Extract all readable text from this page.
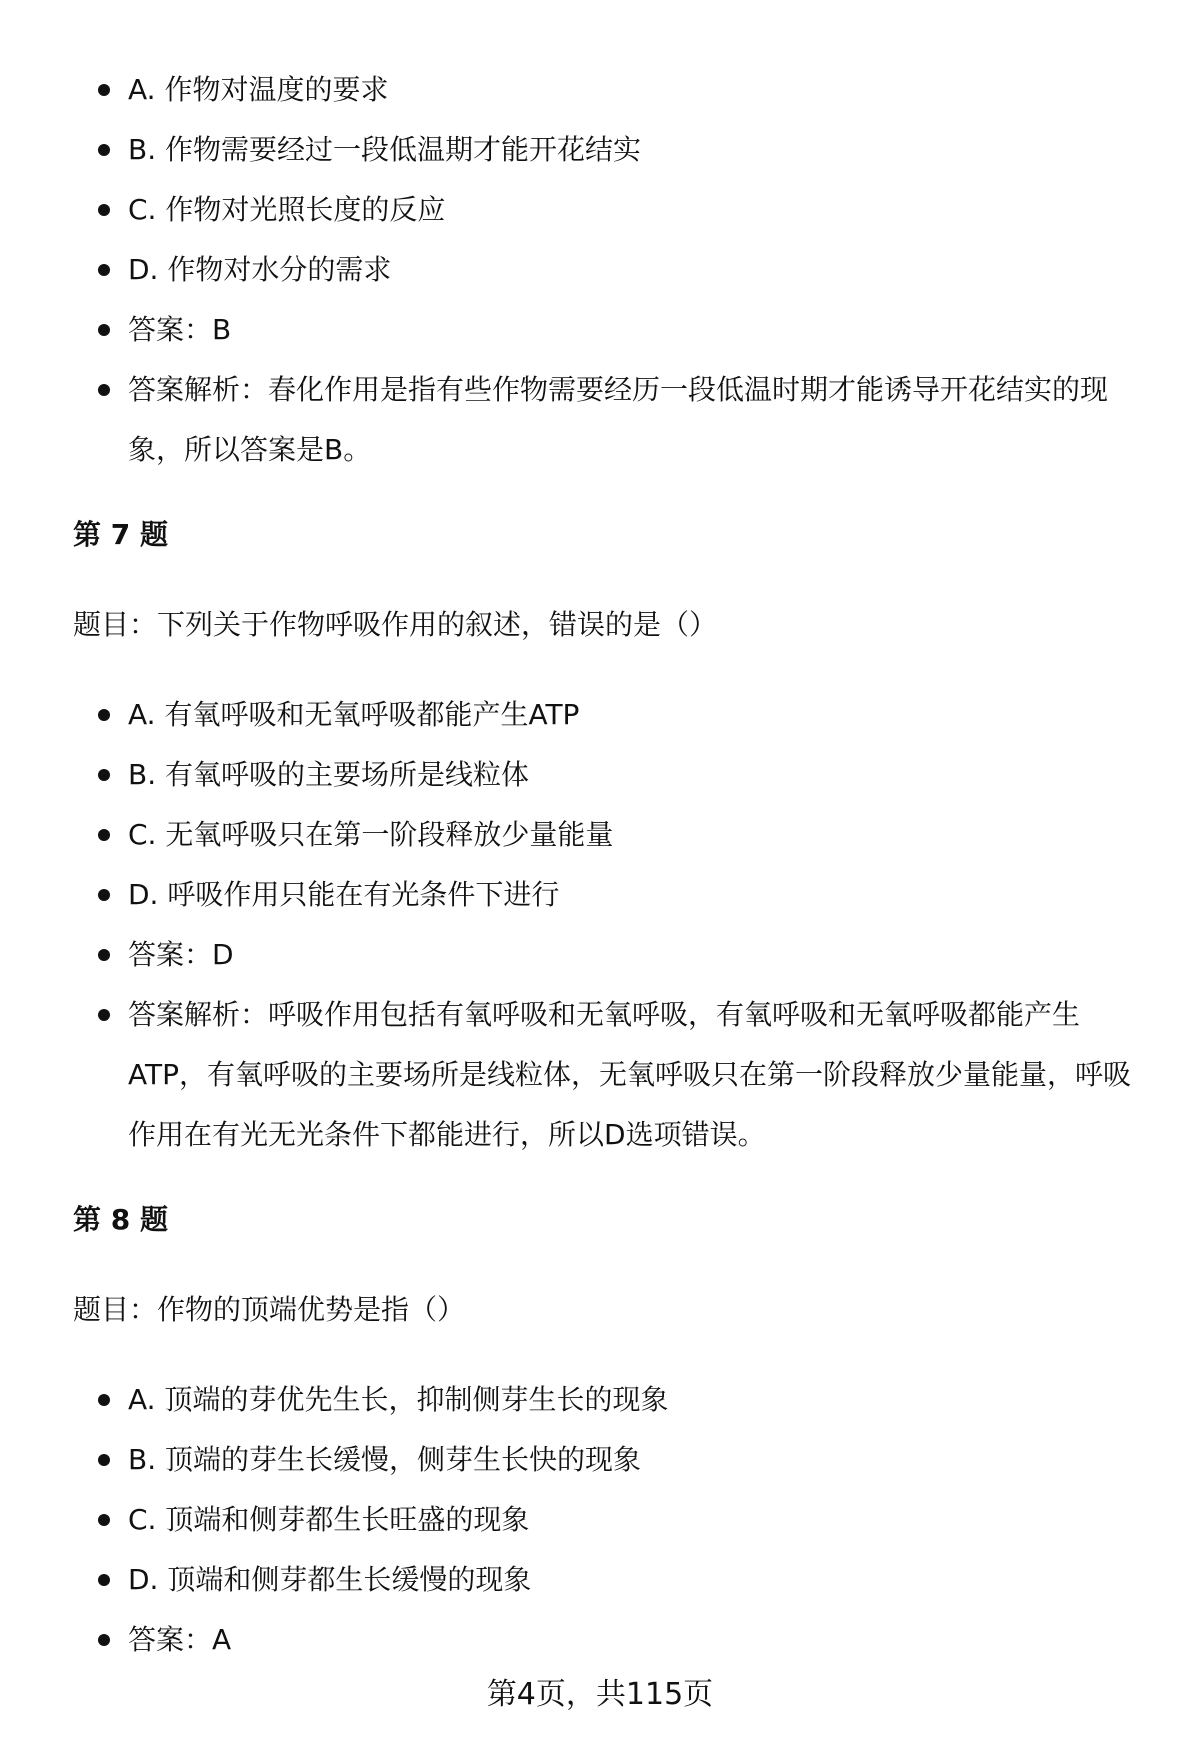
A. 作物对温度的要求
B. 作物需要经过一段低温期才能开花结实
C. 作物对光照长度的反应
D. 作物对水分的需求
答案：B
答案解析：春化作用是指有些作物需要经历一段低温时期才能诱导开花结实的现象，所以答案是B。
第 7 题
题目：下列关于作物呼吸作用的叙述，错误的是（）
A. 有氧呼吸和无氧呼吸都能产生ATP
B. 有氧呼吸的主要场所是线粒体
C. 无氧呼吸只在第一阶段释放少量能量
D. 呼吸作用只能在有光条件下进行
答案：D
答案解析：呼吸作用包括有氧呼吸和无氧呼吸，有氧呼吸和无氧呼吸都能产生ATP，有氧呼吸的主要场所是线粒体，无氧呼吸只在第一阶段释放少量能量，呼吸作用在有光无光条件下都能进行，所以D选项错误。
第 8 题
题目：作物的顶端优势是指（）
A. 顶端的芽优先生长，抑制侧芽生长的现象
B. 顶端的芽生长缓慢，侧芽生长快的现象
C. 顶端和侧芽都生长旺盛的现象
D. 顶端和侧芽都生长缓慢的现象
答案：A
第4页，共115页
